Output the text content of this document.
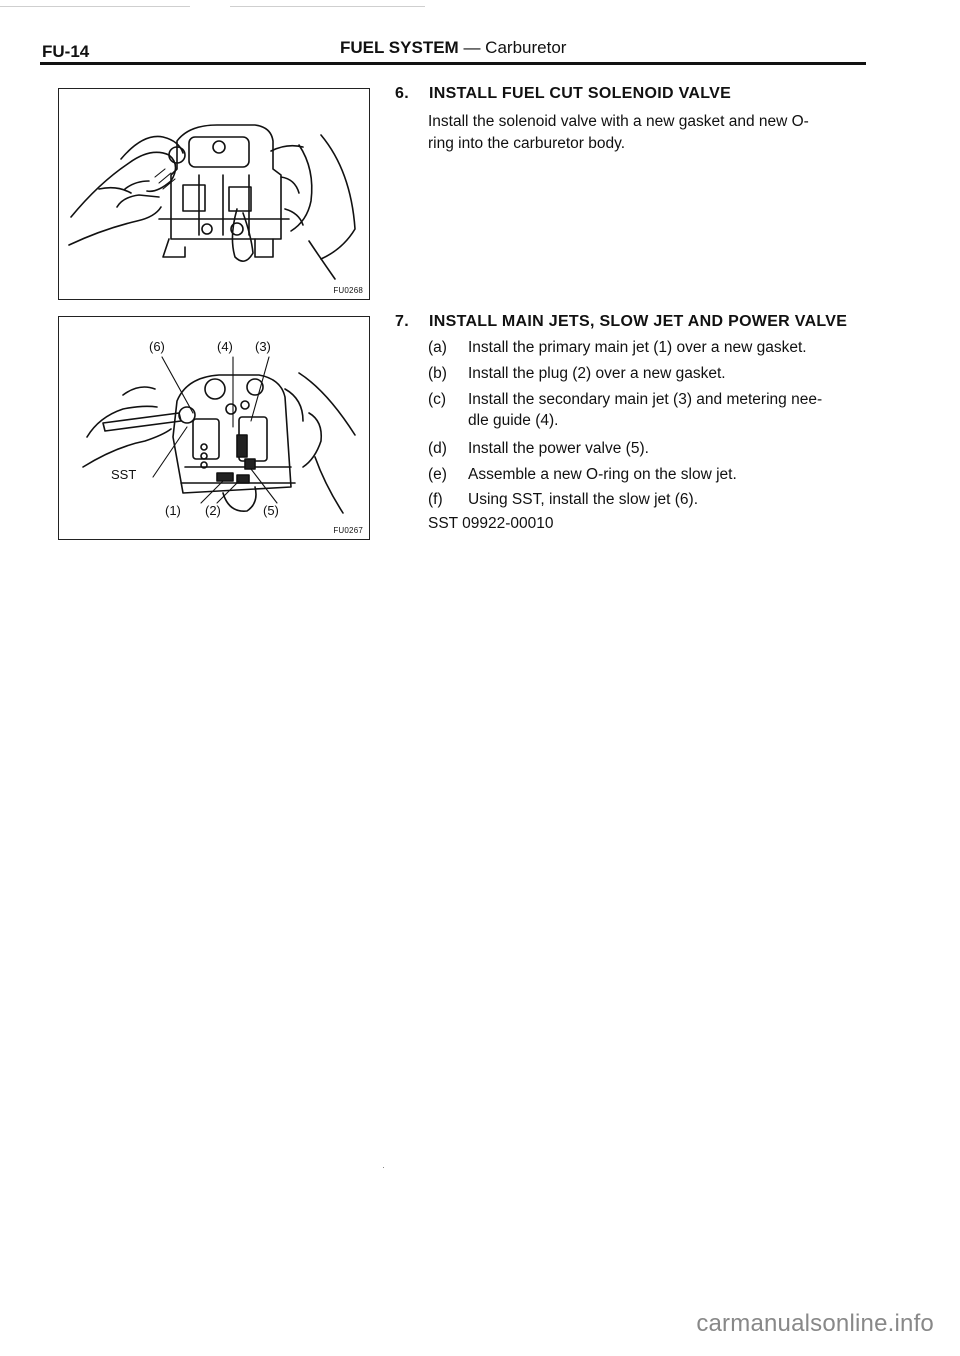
FU-14	FUEL SYSTEM — Carburetor
FU0268
(6)	(4) (3)
SST
(1) (2)	(5)
FU0267
6. INSTALL FUEL CUT SOLENOID VALVE
Install the solenoid valve with a new gasket and new O-
ring into the carburetor body.
7. INSTALL MAIN JETS, SLOW JET AND POWER VALVE
(a) Install the primary main jet (1) over a new gasket.
(b) Install the plug (2) over a new gasket.
(c) Install the secondary main jet (3) and metering nee-
dle guide (4).
(d) Install the power valve (5).
(e) Assemble a new O-ring on the slow jet.
(f) Using SST, install the slow jet (6).
SST 09922-00010
carmanualsonline.info
